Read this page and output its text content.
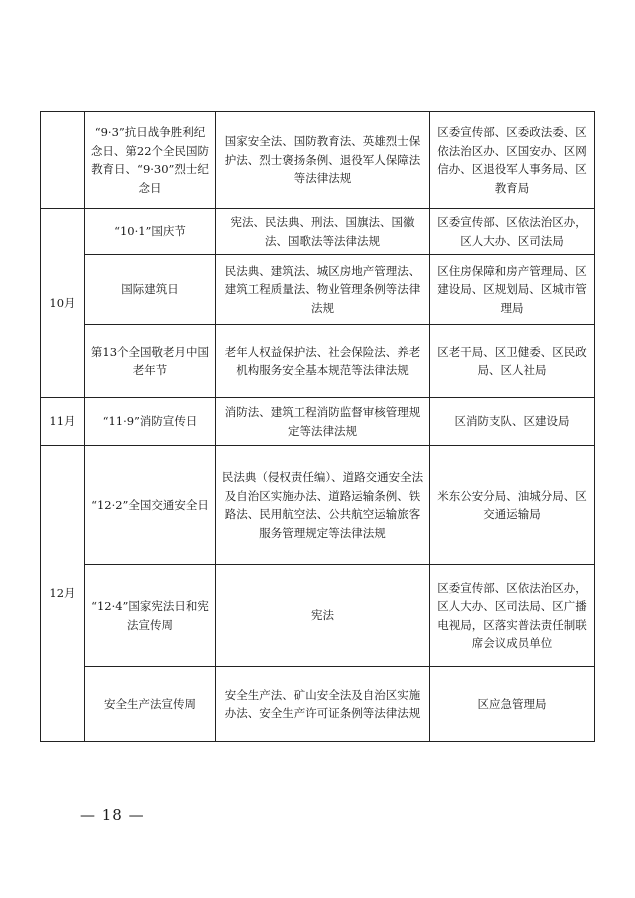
	“9·3”抗日战争胜利纪念日、第22个全民国防教育日、“9·30”烈士纪念日	国家安全法、国防教育法、英雄烈士保护法、烈士褒扬条例、退役军人保障法等法律法规	区委宣传部、区委政法委、区依法治区办、区国安办、区网信办、区退役军人事务局、区教育局
10月	“10·1”国庆节	宪法、民法典、刑法、国旗法、国徽法、国歌法等法律法规	区委宣传部、区依法治区办，区人大办、区司法局
	国际建筑日	民法典、建筑法、城区房地产管理法、建筑工程质量法、物业管理条例等法律法规	区住房保障和房产管理局、区建设局、区规划局、区城市管理局
	第13个全国敬老月中国老年节	老年人权益保护法、社会保险法、养老机构服务安全基本规范等法律法规	区老干局、区卫健委、区民政局、区人社局
11月	“11·9”消防宣传日	消防法、建筑工程消防监督审核管理规定等法律法规	区消防支队、区建设局
12月	“12·2”全国交通安全日	民法典（侵权责任编）、道路交通安全法及自治区实施办法、道路运输条例、铁路法、民用航空法、公共航空运输旅客服务管理规定等法律法规	米东公安分局、油城分局、区交通运输局
	“12·4”国家宪法日和宪法宣传周	宪法	区委宣传部、区依法治区办，区人大办、区司法局、区广播电视局，区落实普法责任制联席会议成员单位
	安全生产法宣传周	安全生产法、矿山安全法及自治区实施办法、安全生产许可证条例等法律法规	区应急管理局
— 18 —
